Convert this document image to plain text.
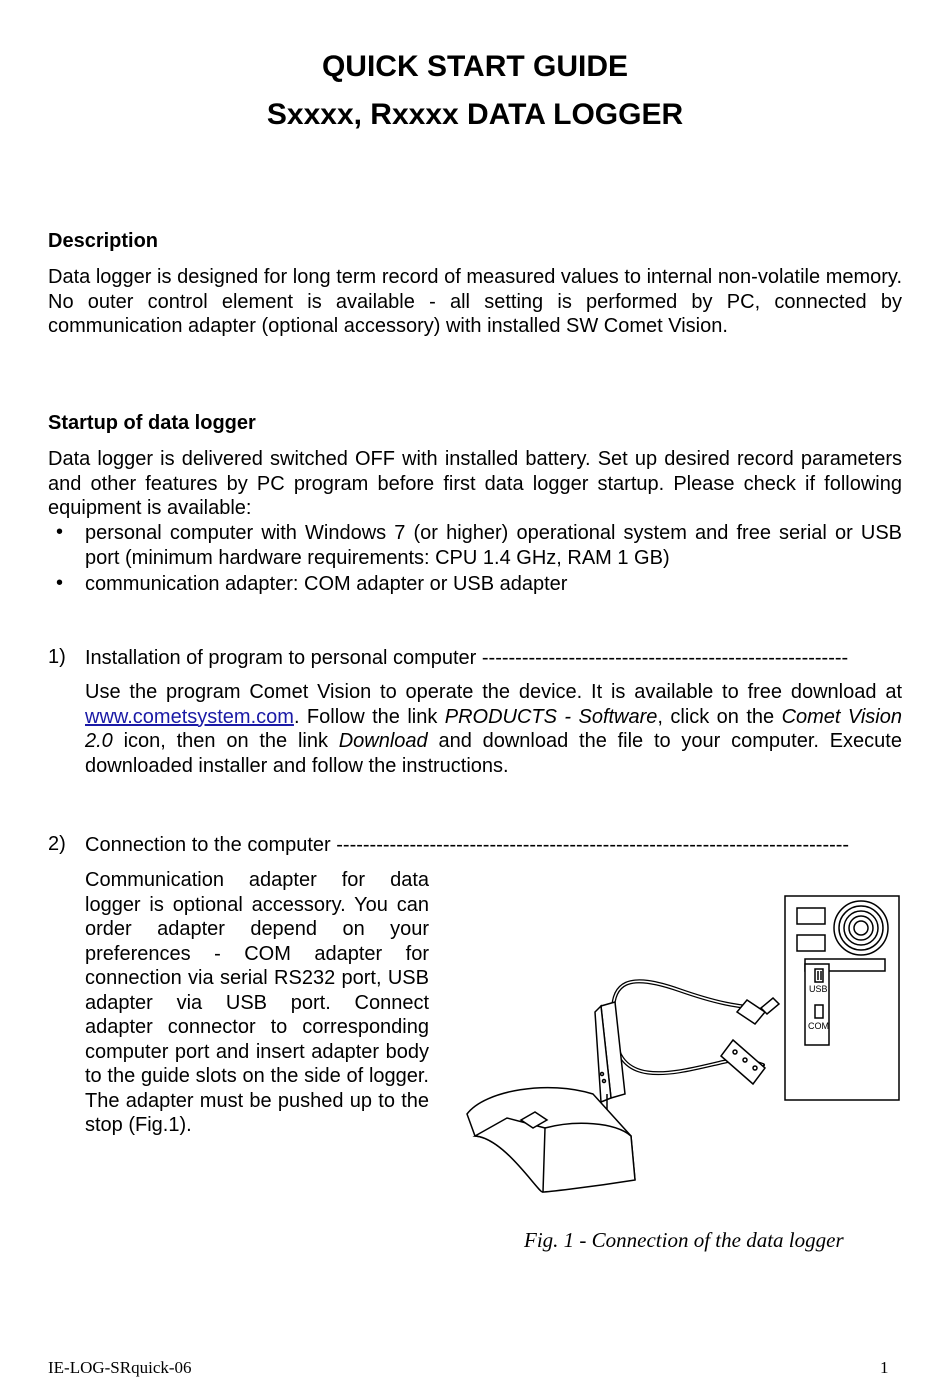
QUICK START GUIDE
Sxxxx, Rxxxx DATA LOGGER
Description
Data logger is designed for long term record of measured values to internal non-volatile memory. No outer control element is available - all setting is performed by PC, connected by communication adapter (optional accessory) with installed SW Comet Vision.
Startup of data logger
Data logger is delivered switched OFF with installed battery. Set up desired record parameters and other features by PC program before first data logger startup. Please check if following equipment is available:
• personal computer with Windows 7 (or higher) operational system and free serial or USB port (minimum hardware requirements: CPU 1.4 GHz, RAM 1 GB)
• communication adapter: COM adapter or USB adapter
1) Installation of program to personal computer -------------------------------------------------------
Use the program Comet Vision to operate the device. It is available to free download at www.cometsystem.com. Follow the link PRODUCTS - Software, click on the Comet Vision 2.0 icon, then on the link Download and download the file to your computer. Execute downloaded installer and follow the instructions.
2) Connection to the computer -----------------------------------------------------------------------------
Communication adapter for data logger is optional accessory. You can order adapter depend on your preferences - COM adapter for connection via serial RS232 port, USB adapter via USB port. Connect adapter connector to corresponding computer port and insert adapter body to the guide slots on the side of logger. The adapter must be pushed up to the stop (Fig.1).
USB
COM
Fig. 1 - Connection of the data logger
IE-LOG-SRquick-06	1
